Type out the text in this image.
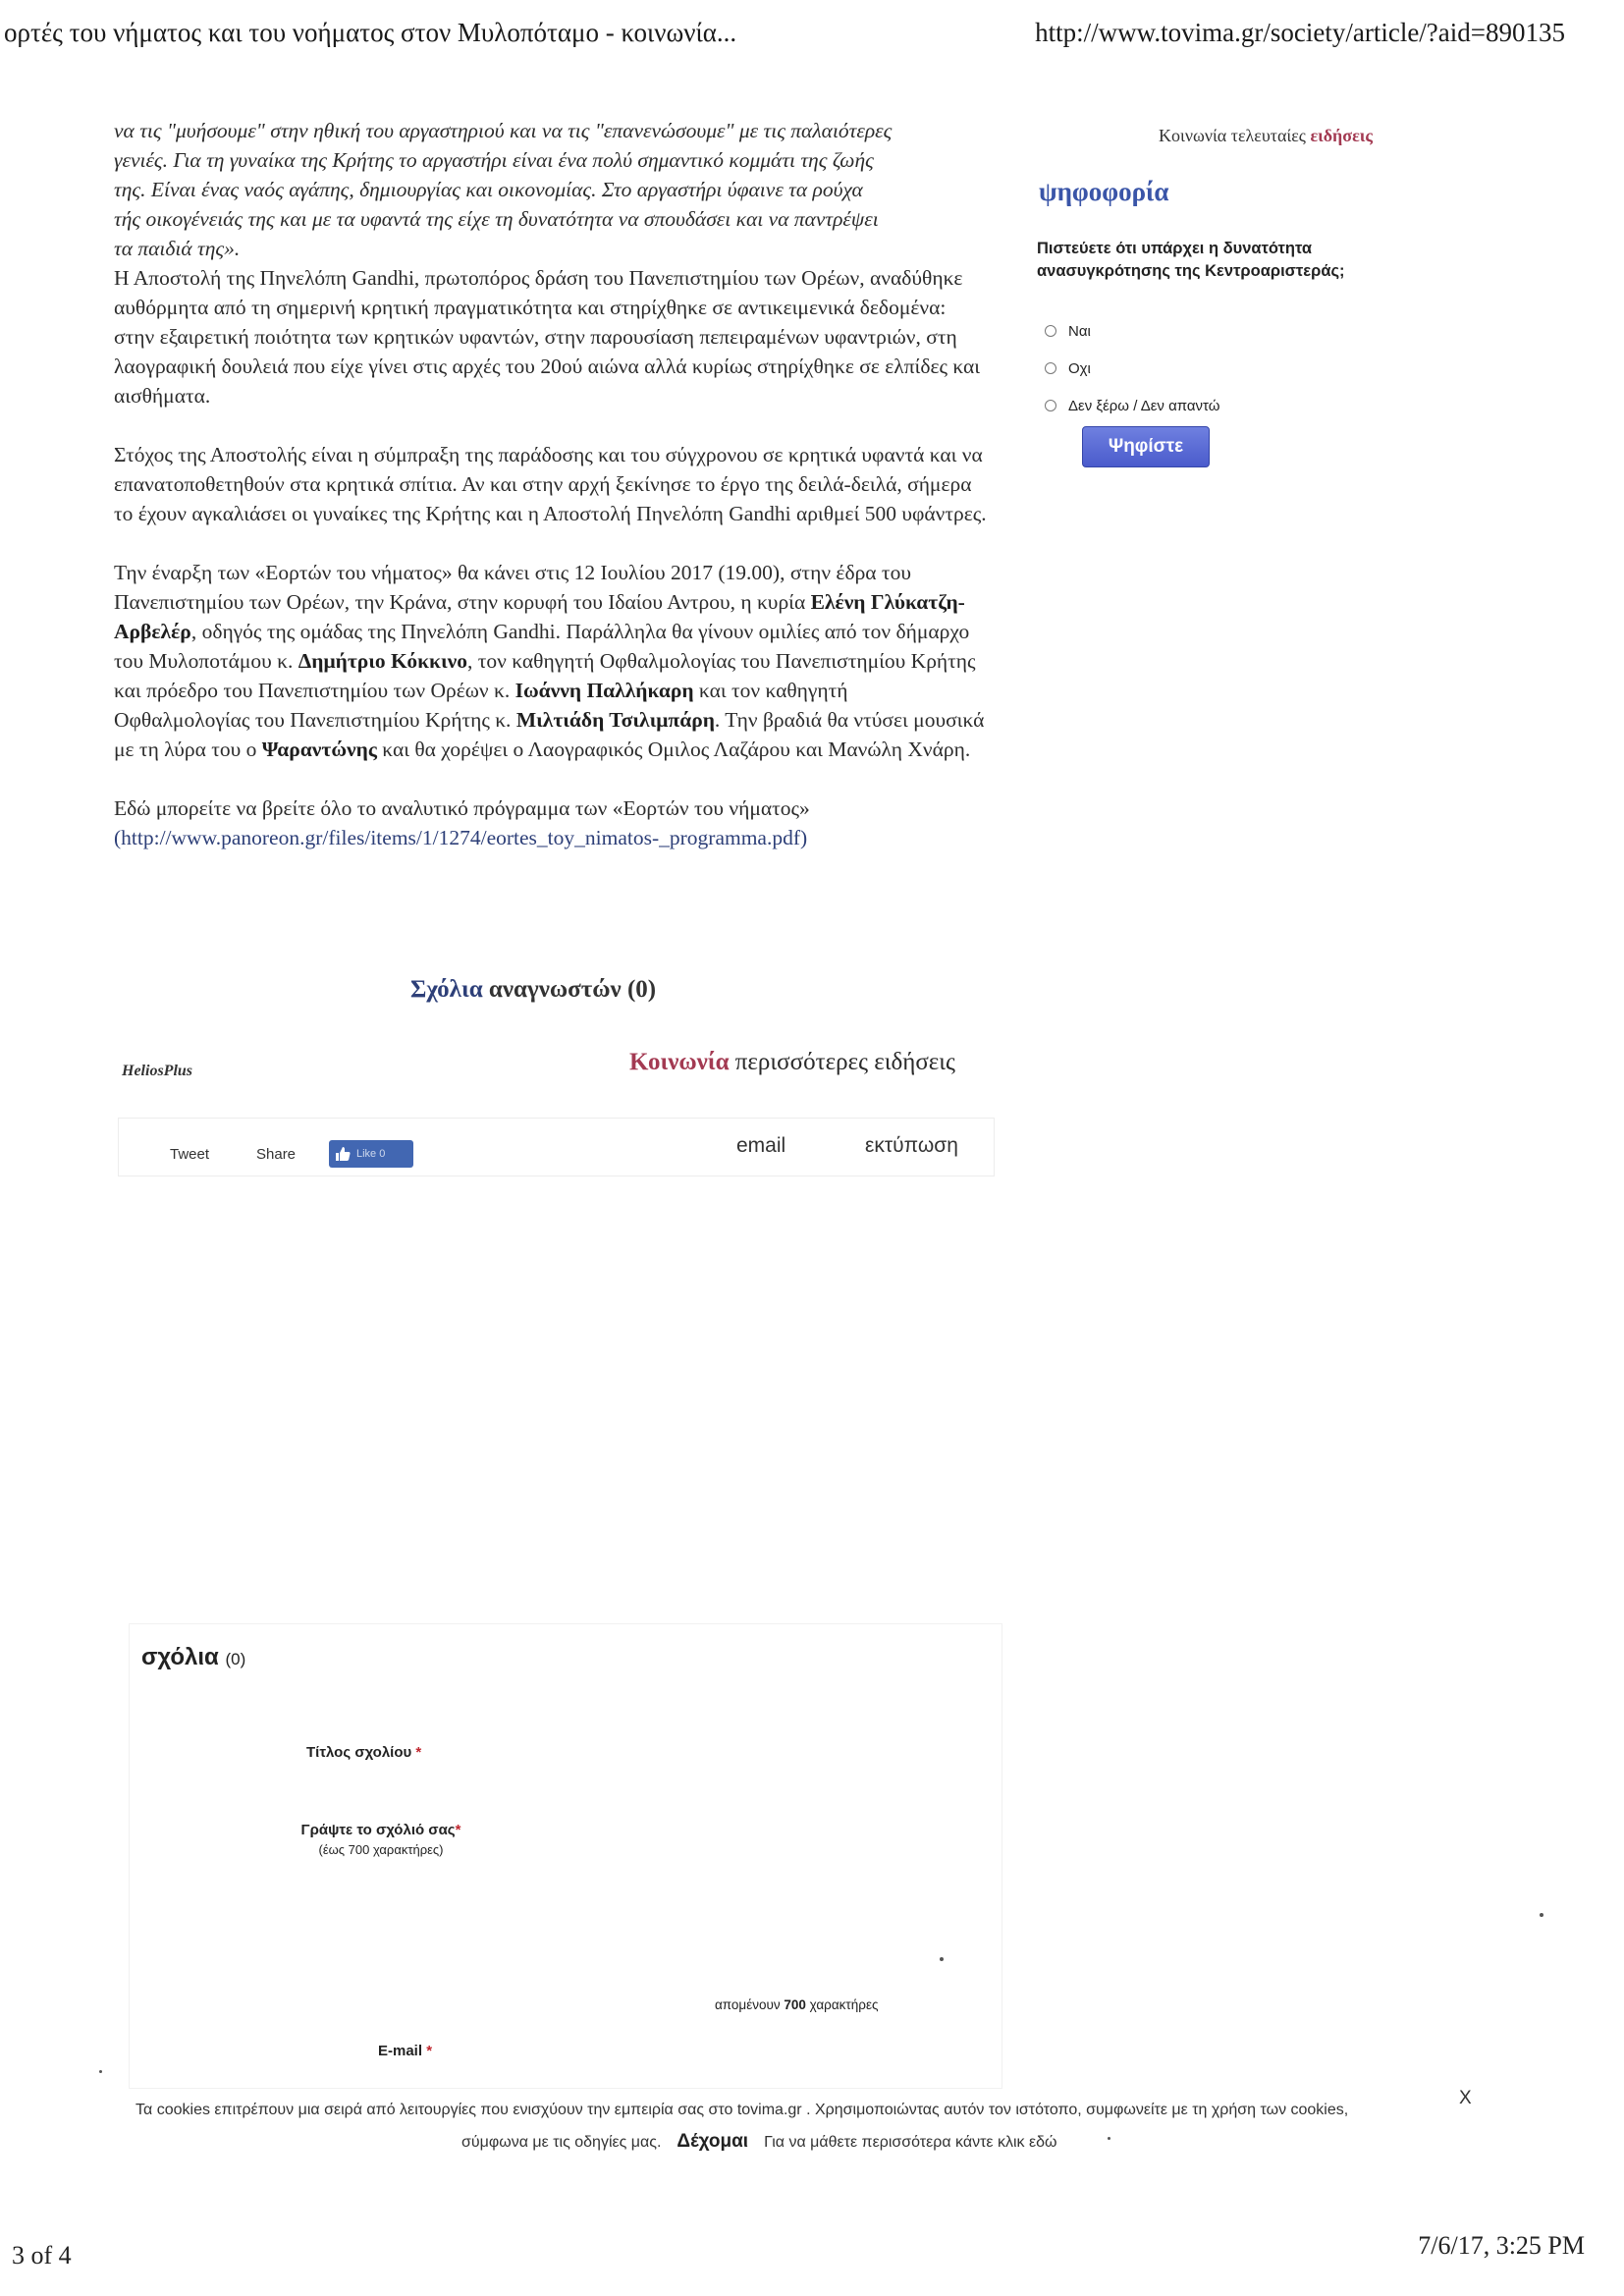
ορτές του νήματος και του νοήματος στον Μυλοπόταμο - κοινωνία...	http://www.tovima.gr/society/article/?aid=890135
να τις "μυήσουμε" στην ηθική του αργαστηριού και να τις "επανενώσουμε" με τις παλαιότερες
γενιές. Για τη γυναίκα της Κρήτης το αργαστήρι είναι ένα πολύ σημαντικό κομμάτι της ζωής
της. Είναι ένας ναός αγάπης, δημιουργίας και οικονομίας. Στο αργαστήρι ύφαινε τα ρούχα
τής οικογένειάς της και με τα υφαντά της είχε τη δυνατότητα να σπουδάσει και να παντρέψει
τα παιδιά της».

Η Αποστολή της Πηνελόπη Gandhi, πρωτοπόρος δράση του Πανεπιστημίου των Ορέων, αναδύθηκε αυθόρμητα από τη σημερινή κρητική πραγματικότητα και στηρίχθηκε σε αντικειμενικά δεδομένα: στην εξαιρετική ποιότητα των κρητικών υφαντών, στην παρουσίαση πεπειραμένων υφαντριών, στη λαογραφική δουλειά που είχε γίνει στις αρχές του 20ού αιώνα αλλά κυρίως στηρίχθηκε σε ελπίδες και αισθήματα.

Στόχος της Αποστολής είναι η σύμπραξη της παράδοσης και του σύγχρονου σε κρητικά υφαντά και να επανατοποθετηθούν στα κρητικά σπίτια. Αν και στην αρχή ξεκίνησε το έργο της δειλά-δειλά, σήμερα το έχουν αγκαλιάσει οι γυναίκες της Κρήτης και η Αποστολή Πηνελόπη Gandhi αριθμεί 500 υφάντρες.

Την έναρξη των «Εορτών του νήματος» θα κάνει στις 12 Ιουλίου 2017 (19.00), στην έδρα του Πανεπιστημίου των Ορέων, την Κράνα, στην κορυφή του Ιδαίου Αντρου, η κυρία Ελένη Γλύκατζη-Αρβελέρ, οδηγός της ομάδας της Πηνελόπη Gandhi. Παράλληλα θα γίνουν ομιλίες από τον δήμαρχο του Μυλοποτάμου κ. Δημήτριο Κόκκινο, τον καθηγητή Οφθαλμολογίας του Πανεπιστημίου Κρήτης και πρόεδρο του Πανεπιστημίου των Ορέων κ. Ιωάννη Παλλήκαρη και τον καθηγητή Οφθαλμολογίας του Πανεπιστημίου Κρήτης κ. Μιλτιάδη Τσιλιμπάρη. Την βραδιά θα ντύσει μουσικά με τη λύρα του ο Ψαραντώνης και θα χορέψει ο Λαογραφικός Ομιλος Λαζάρου και Μανώλη Χνάρη.

Εδώ μπορείτε να βρείτε όλο το αναλυτικό πρόγραμμα των «Εορτών του νήματος»
(http://www.panoreon.gr/files/items/1/1274/eortes_toy_nimatos-_programma.pdf)

Σχόλια αναγνωστών (0)
HeliosPlus	Κοινωνία περισσότερες ειδήσεις
Tweet	Share	Like 0	email	εκτύπωση
Κοινωνία τελευταίες ειδήσεις
ψηφοφορία
Πιστεύετε ότι υπάρχει η δυνατότητα ανασυγκρότησης της Κεντροαριστεράς;
Ναι
Οχι
Δεν ξέρω / Δεν απαντώ
Ψηφίστε
σχόλια (0)
Τίτλος σχολίου *
Γράψτε το σχόλιό σας*
(έως 700 χαρακτήρες)
απομένουν 700 χαρακτήρες
E-mail *
Τα cookies επιτρέπουν μια σειρά από λειτουργίες που ενισχύουν την εμπειρία σας στο tovima.gr . Χρησιμοποιώντας αυτόν τον ιστότοπο, συμφωνείτε με τη χρήση των cookies,
X
σύμφωνα με τις οδηγίες μας. Δέχομαι Για να μάθετε περισσότερα κάντε κλικ εδώ
3 of 4	7/6/17, 3:25 PM
